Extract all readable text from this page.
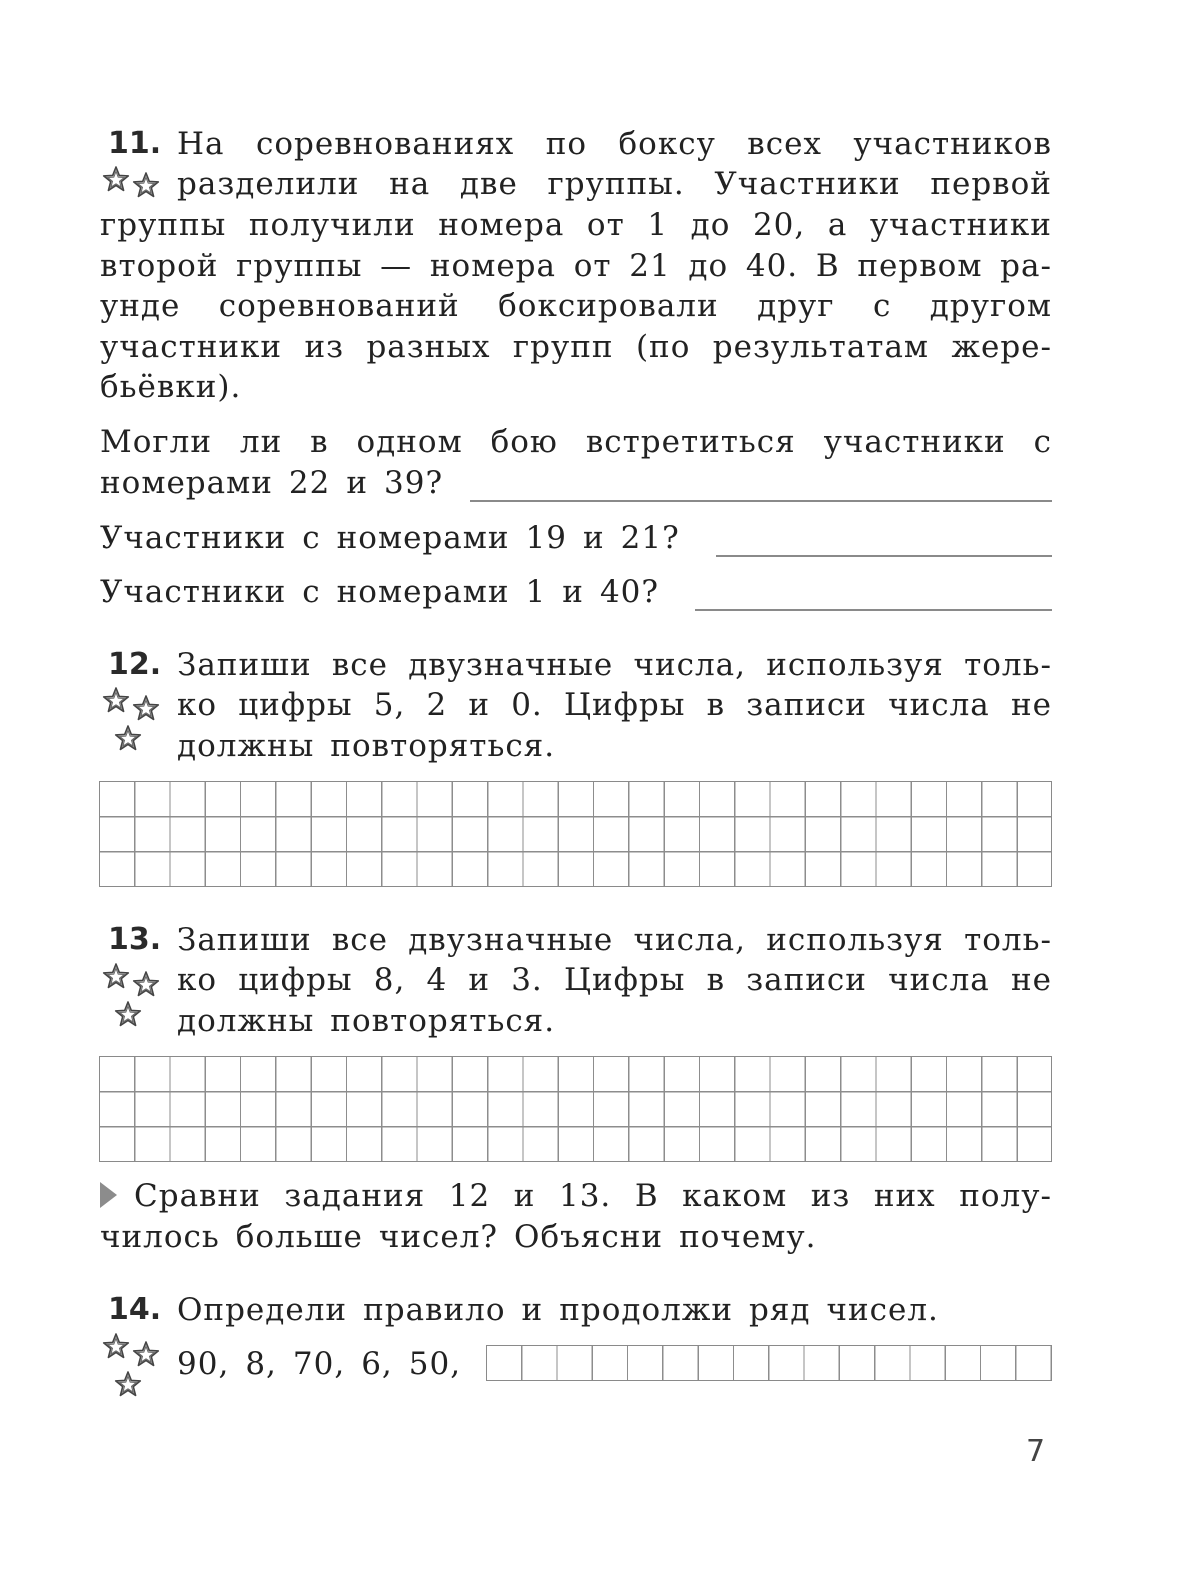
11. На соревнованиях по боксу всех участников
разделили на две группы. Участники первой
группы получили номера от 1 до 20, а участники
второй группы — номера от 21 до 40. В первом ра-
унде соревнований боксировали друг с другом
участники из разных групп (по результатам жере-
бьёвки).
Могли ли в одном бою встретиться участники с
номерами 22 и 39?
Участники с номерами 19 и 21?
Участники с номерами 1 и 40?
12. Запиши все двузначные числа, используя толь-
ко цифры 5, 2 и 0. Цифры в записи числа не
должны повторяться.
13. Запиши все двузначные числа, используя толь-
ко цифры 8, 4 и 3. Цифры в записи числа не
должны повторяться.
Сравни задания 12 и 13. В каком из них полу-
чилось больше чисел? Объясни почему.
14. Определи правило и продолжи ряд чисел.
90, 8, 70, 6, 50,
7
